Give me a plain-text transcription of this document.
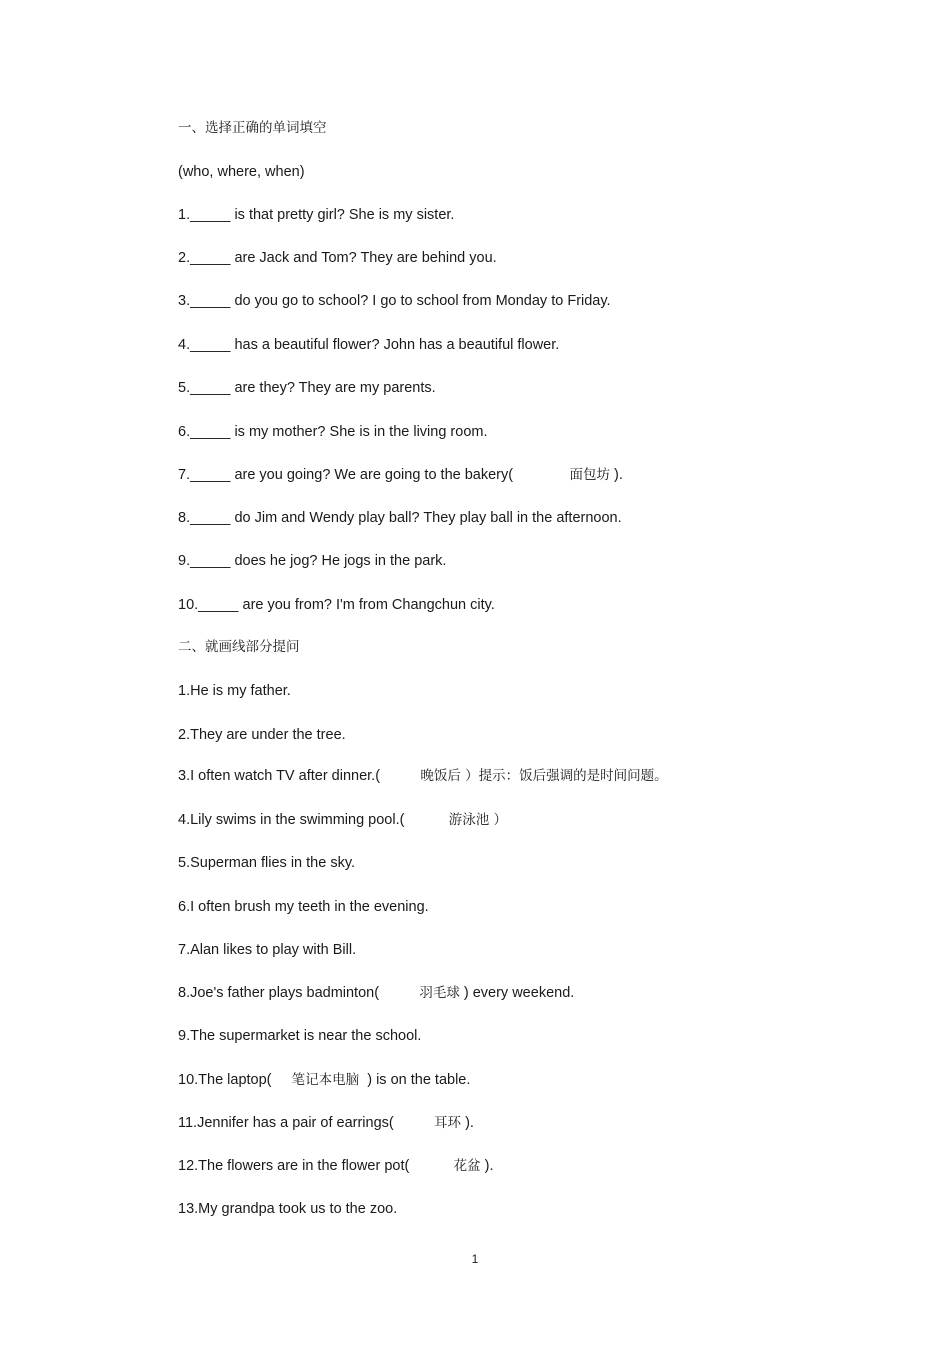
一、选择正确的单词填空
(who, where, when)
1._____ is that pretty girl? She is my sister.
2._____ are Jack and Tom? They are behind you.
3._____ do you go to school? I go to school from Monday to Friday.
4._____ has a beautiful flower? John has a beautiful flower.
5._____ are they? They are my parents.
6._____ is my mother? She is in the living room.
7._____ are you going? We are going to the bakery(	面包坊 ).
8._____ do Jim and Wendy play ball? They play ball in the afternoon.
9._____ does he jog? He jogs in the park.
10._____ are you from? I'm from Changchun city.
二、就画线部分提问
1.He is my father.
2.They are under the tree.
3.I often watch TV after dinner.(	晚饭后 ）提示：饭后强调的是时间问题。
4.Lily swims in the swimming pool.(	游泳池 ）
5.Superman flies in the sky.
6.I often brush my teeth in the evening.
7.Alan likes to play with Bill.
8.Joe's father plays badminton(	羽毛球 ) every weekend.
9.The supermarket is near the school.
10.The laptop( 笔记本电脑  ) is on the table.
11.Jennifer has a pair of earrings(	耳环 ).
12.The flowers are in the flower pot(	花盆 ).
13.My grandpa took us to the zoo.
1
